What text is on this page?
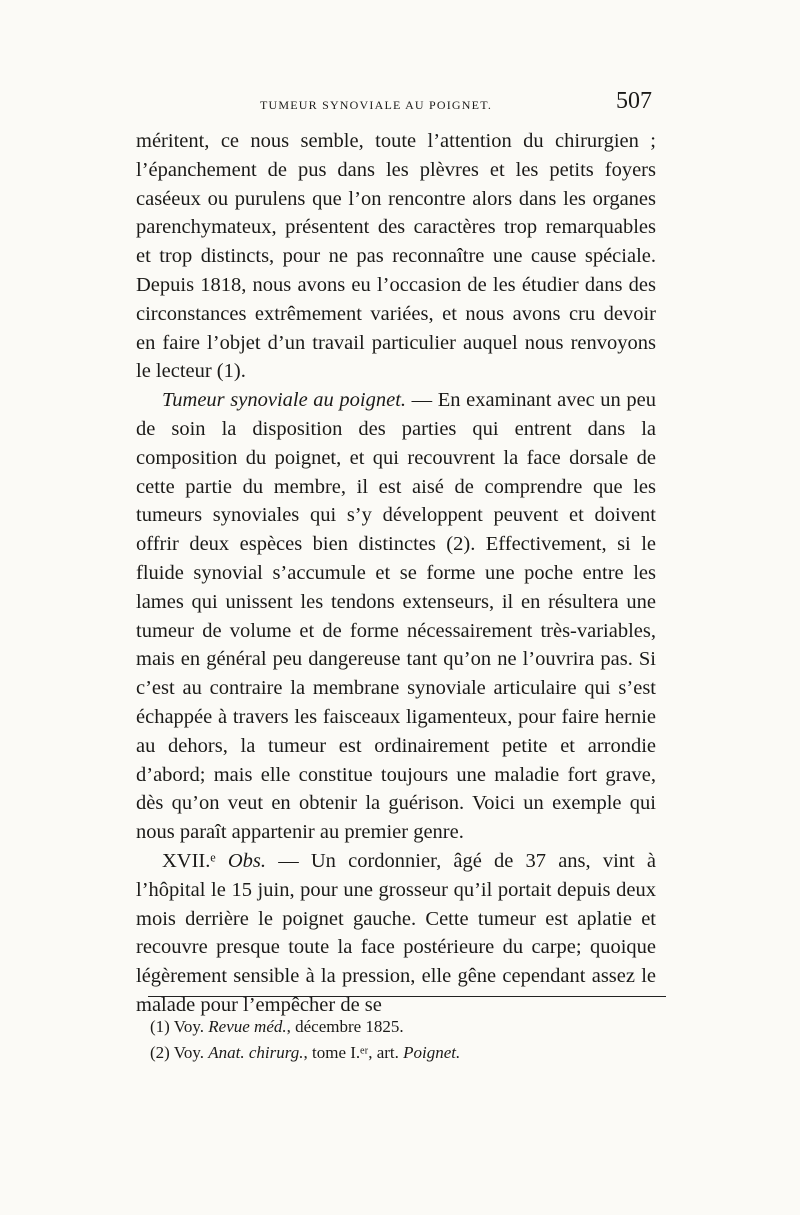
TUMEUR SYNOVIALE AU POIGNET.	507

méritent, ce nous semble, toute l’attention du chirurgien ; l’épanchement de pus dans les plèvres et les petits foyers caséeux ou purulens que l’on rencontre alors dans les organes parenchymateux, présentent des caractères trop remarquables et trop distincts, pour ne pas reconnaître une cause spéciale. Depuis 1818, nous avons eu l’occasion de les étudier dans des circonstances extrêmement variées, et nous avons cru devoir en faire l’objet d’un travail particulier auquel nous renvoyons le lecteur (1).

Tumeur synoviale au poignet. — En examinant avec un peu de soin la disposition des parties qui entrent dans la composition du poignet, et qui recouvrent la face dorsale de cette partie du membre, il est aisé de comprendre que les tumeurs synoviales qui s’y développent peuvent et doivent offrir deux espèces bien distinctes (2). Effectivement, si le fluide synovial s’accumule et se forme une poche entre les lames qui unissent les tendons extenseurs, il en résultera une tumeur de volume et de forme nécessairement très-variables, mais en général peu dangereuse tant qu’on ne l’ouvrira pas. Si c’est au contraire la membrane synoviale articulaire qui s’est échappée à travers les faisceaux ligamenteux, pour faire hernie au dehors, la tumeur est ordinairement petite et arrondie d’abord; mais elle constitue toujours une maladie fort grave, dès qu’on veut en obtenir la guérison. Voici un exemple qui nous paraît appartenir au premier genre.

XVII.ᵉ Obs. — Un cordonnier, âgé de 37 ans, vint à l’hôpital le 15 juin, pour une grosseur qu’il portait depuis deux mois derrière le poignet gauche. Cette tumeur est aplatie et recouvre presque toute la face postérieure du carpe; quoique légèrement sensible à la pression, elle gêne cependant assez le malade pour l’empêcher de se

(1) Voy. Revue méd., décembre 1825.
(2) Voy. Anat. chirurg., tome I.ᵉʳ, art. Poignet.
